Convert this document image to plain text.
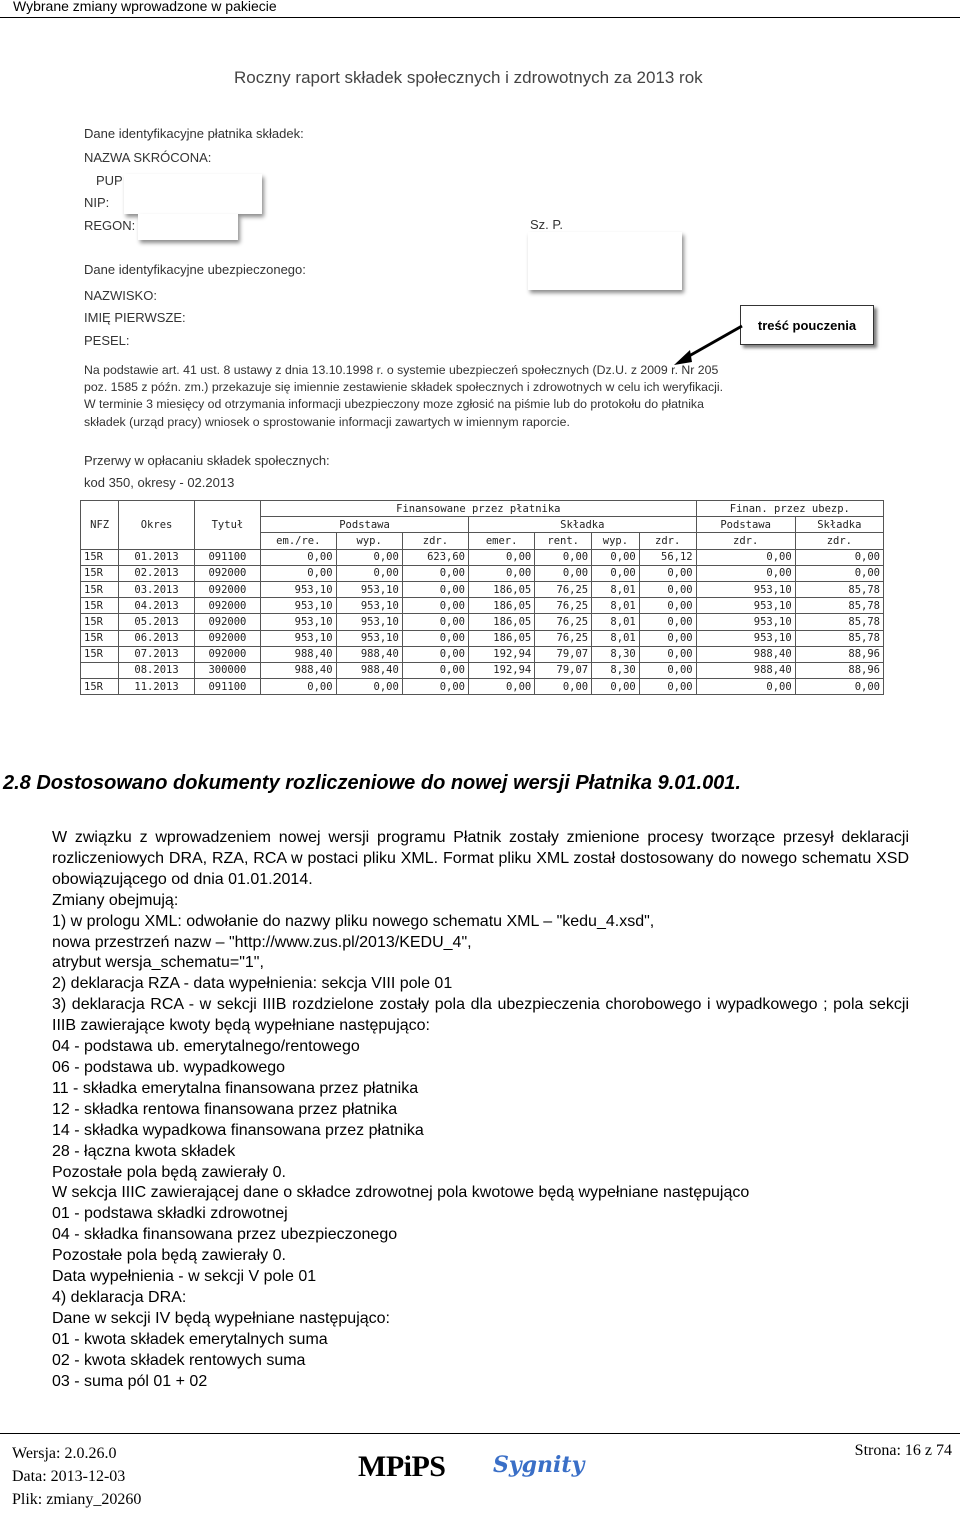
Wybrane zmiany wprowadzone w pakiecie
Roczny raport składek społecznych i zdrowotnych za 2013 rok
Dane identyfikacyjne płatnika składek:
NAZWA SKRÓCONA:
PUP
NIP:
REGON:	Sz. P.
Dane identyfikacyjne ubezpieczonego:
NAZWISKO:
IMIĘ PIERWSZE:
PESEL:
treść pouczenia
Na podstawie art. 41 ust. 8 ustawy z dnia 13.10.1998 r. o systemie ubezpieczeń społecznych (Dz.U. z 2009 r. Nr 205
poz. 1585 z późn. zm.) przekazuje się imiennie zestawienie składek społecznych i zdrowotnych w celu ich weryfikacji.
W terminie 3 miesięcy od otrzymania informacji ubezpieczony moze zgłosić na piśmie lub do protokołu do płatnika
składek (urząd pracy) wniosek o sprostowanie informacji zawartych w imiennym raporcie.
Przerwy w opłacaniu składek społecznych:
kod 350, okresy - 02.2013
NFZ	Okres	Tytuł	Finansowane przez płatnika							Finan. przez ubezp.	
			Podstawa			Składka				Podstawa	Składka
			em./re.	wyp.	zdr.	emer.	rent.	wyp.	zdr.	zdr.	zdr.
15R	01.2013	091100	0,00	0,00	623,60	0,00	0,00	0,00	56,12	0,00	0,00
15R	02.2013	092000	0,00	0,00	0,00	0,00	0,00	0,00	0,00	0,00	0,00
15R	03.2013	092000	953,10	953,10	0,00	186,05	76,25	8,01	0,00	953,10	85,78
15R	04.2013	092000	953,10	953,10	0,00	186,05	76,25	8,01	0,00	953,10	85,78
15R	05.2013	092000	953,10	953,10	0,00	186,05	76,25	8,01	0,00	953,10	85,78
15R	06.2013	092000	953,10	953,10	0,00	186,05	76,25	8,01	0,00	953,10	85,78
15R	07.2013	092000	988,40	988,40	0,00	192,94	79,07	8,30	0,00	988,40	88,96
	08.2013	300000	988,40	988,40	0,00	192,94	79,07	8,30	0,00	988,40	88,96
15R	11.2013	091100	0,00	0,00	0,00	0,00	0,00	0,00	0,00	0,00	0,00
2.8 Dostosowano dokumenty rozliczeniowe do nowej wersji Płatnika 9.01.001.
W związku z wprowadzeniem nowej wersji programu Płatnik zostały zmienione procesy tworzące przesył deklaracji rozliczeniowych DRA, RZA, RCA w postaci pliku XML. Format pliku XML został dostosowany do nowego schematu XSD obowiązującego od dnia 01.01.2014.
Zmiany obejmują:
1) w prologu XML: odwołanie do nazwy pliku nowego schematu XML – "kedu_4.xsd",
nowa przestrzeń nazw – "http://www.zus.pl/2013/KEDU_4",
atrybut wersja_schematu="1",
2) deklaracja RZA - data wypełnienia: sekcja VIII pole 01
3) deklaracja RCA - w sekcji IIIB rozdzielone zostały pola dla ubezpieczenia chorobowego i wypadkowego ; pola sekcji IIIB zawierające kwoty będą wypełniane następująco:
04 - podstawa ub. emerytalnego/rentowego
06 - podstawa ub. wypadkowego
11 - składka emerytalna finansowana przez płatnika
12 - składka rentowa finansowana przez płatnika
14 - składka wypadkowa finansowana przez płatnika
28 - łączna kwota składek
Pozostałe pola będą zawierały 0.
W sekcja IIIC zawierającej dane o składce zdrowotnej pola kwotowe będą wypełniane następująco
01 - podstawa składki zdrowotnej
04 - składka finansowana przez ubezpieczonego
Pozostałe pola będą zawierały 0.
Data wypełnienia - w sekcji V pole 01
4) deklaracja DRA:
Dane w sekcji IV będą wypełniane następująco:
01 - kwota składek emerytalnych suma
02 - kwota składek rentowych suma
03 - suma pól 01 + 02
Wersja: 2.0.26.0
Data: 2013-12-03
Plik: zmiany_20260
MPiPS Sygnity
Strona: 16 z 74
